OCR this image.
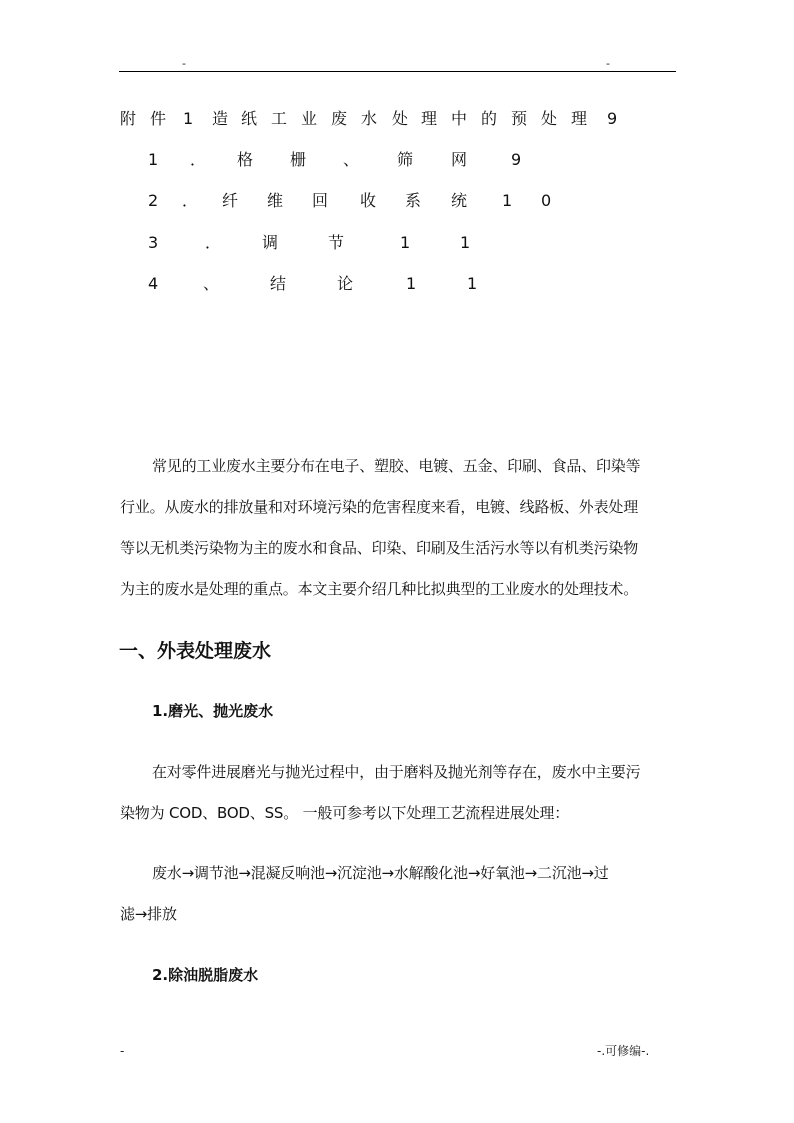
-	-
附 件 1 造 纸 工 业 废 水 处 理 中 的 预 处 理 9
1 ． 格 栅 、 筛 网	9
2 ． 纤 维 回 收 系 统 1 0
3	．	调	节	1	1
4	、	结	论	1	1
常见的工业废水主要分布在电子、塑胶、电镀、五金、印刷、食品、印染等
行业。从废水的排放量和对环境污染的危害程度来看，电镀、线路板、外表处理
等以无机类污染物为主的废水和食品、印染、印刷及生活污水等以有机类污染物
为主的废水是处理的重点。本文主要介绍几种比拟典型的工业废水的处理技术。
一、外表处理废水
1.磨光、抛光废水
在对零件进展磨光与抛光过程中，由于磨料及抛光剂等存在，废水中主要污
染物为 COD、BOD、SS。 一般可参考以下处理工艺流程进展处理：
废水→调节池→混凝反响池→沉淀池→水解酸化池→好氧池→二沉池→过
滤→排放
2.除油脱脂废水
-	-.可修编-.
